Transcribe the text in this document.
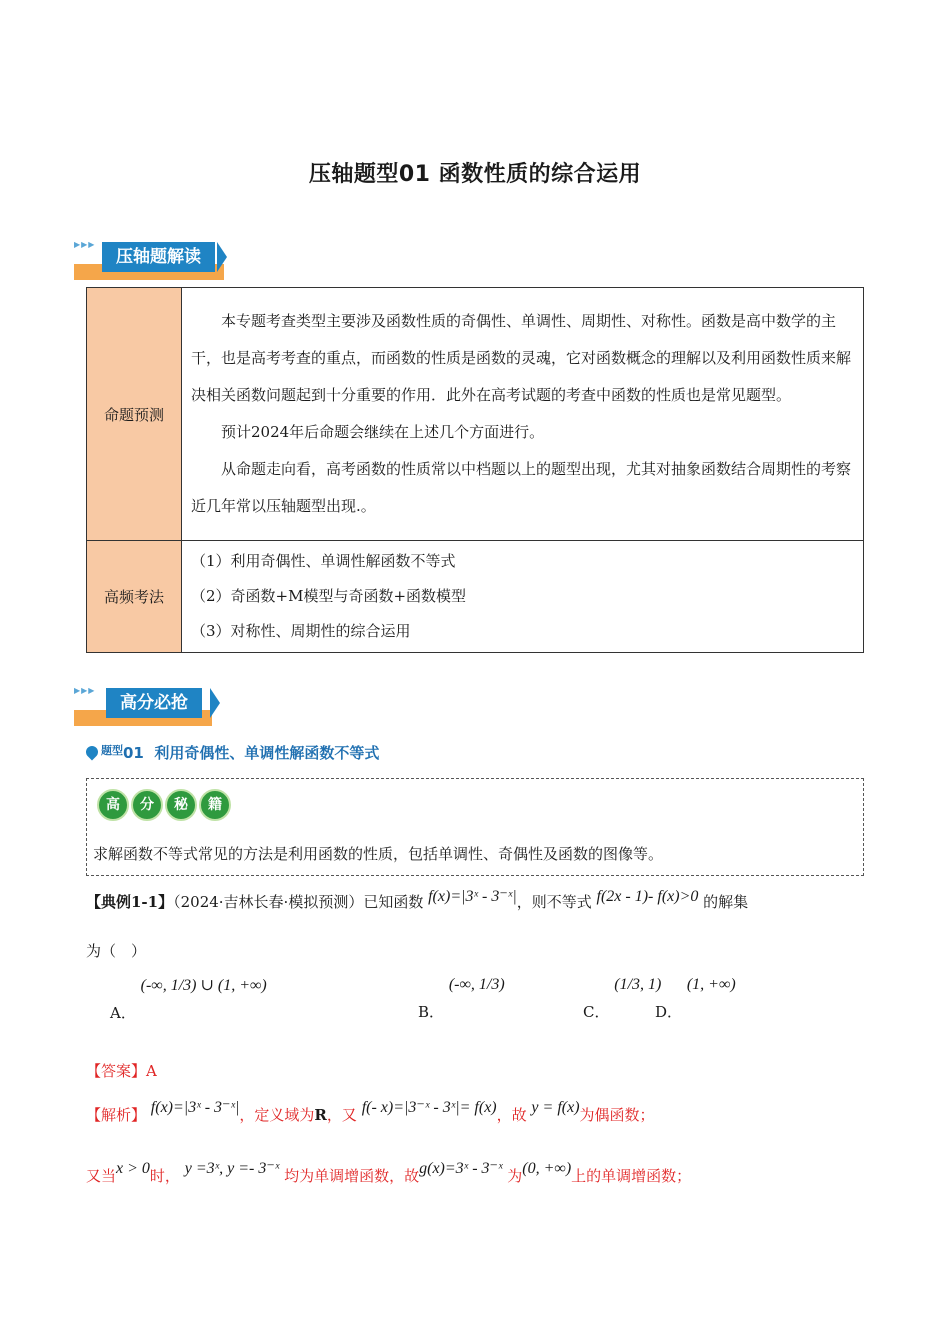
压轴题型01 函数性质的综合运用
▶▶▶
压轴题解读
命题预测	本专题考查类型主要涉及函数性质的奇偶性、单调性、周期性、对称性。函数是高中数学的主干，也是高考考查的重点，而函数的性质是函数的灵魂，它对函数概念的理解以及利用函数性质来解决相关函数问题起到十分重要的作用．此外在高考试题的考查中函数的性质也是常见题型。

预计2024年后命题会继续在上述几个方面进行。

从命题走向看，高考函数的性质常以中档题以上的题型出现，尤其对抽象函数结合周期性的考察近几年常以压轴题型出现.。

高频考法	（1）利用奇偶性、单调性解函数不等式

（2）奇函数+M模型与奇函数+函数模型

（3）对称性、周期性的综合运用

▶▶▶
高分必抢
$^{题型}$01 利用奇偶性、单调性解函数不等式
高	分	秘	籍
求解函数不等式常见的方法是利用函数的性质，包括单调性、奇偶性及函数的图像等。
【典例1-1】（2024·吉林长春·模拟预测）已知函数 f(x)=|3ˣ - 3⁻ˣ|，则不等式 f(2x - 1)- f(x)>0 的解集
为（　）
A． (-∞, 1/3) ∪ (1, +∞)
B． (-∞, 1/3)
C． (1/3, 1)
D． (1, +∞)
【答案】A
【解析】 f(x)=|3ˣ - 3⁻ˣ|，定义域为R，又 f(- x)=|3⁻ˣ - 3ˣ|= f(x)，故 y = f(x)为偶函数；
又当x > 0时， y =3ˣ, y =- 3⁻ˣ 均为单调增函数，故g(x)=3ˣ - 3⁻ˣ 为(0, +∞)上的单调增函数；
